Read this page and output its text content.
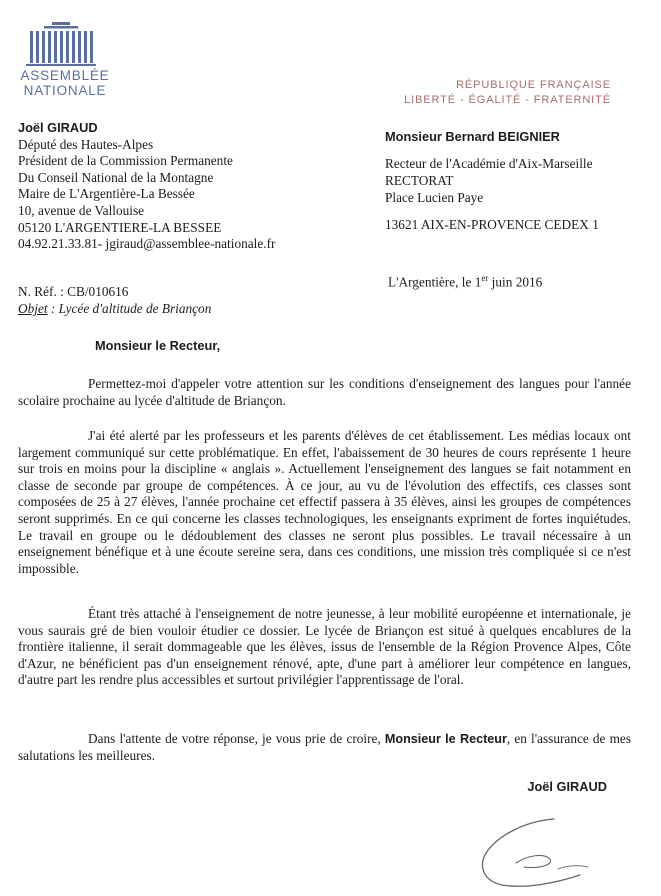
ASSEMBLÉE
NATIONALE	RÉPUBLIQUE FRANÇAISE
LIBERTÉ - ÉGALITÉ - FRATERNITÉ
Joël GIRAUD
Député des Hautes-Alpes
Président de la Commission Permanente
Du Conseil National de la Montagne
Maire de L'Argentière-La Bessée
10, avenue de Vallouise
05120 L'ARGENTIERE-LA BESSEE
04.92.21.33.81- jgiraud@assemblee-nationale.fr
Monsieur Bernard BEIGNIER
Recteur de l'Académie d'Aix-Marseille
RECTORAT
Place Lucien Paye
13621 AIX-EN-PROVENCE CEDEX 1
L'Argentière, le 1er juin 2016
N. Réf. : CB/010616
Objet : Lycée d'altitude de Briançon
Monsieur le Recteur,
Permettez-moi d'appeler votre attention sur les conditions d'enseignement des langues pour l'année scolaire prochaine au lycée d'altitude de Briançon.
J'ai été alerté par les professeurs et les parents d'élèves de cet établissement. Les médias locaux ont largement communiqué sur cette problématique. En effet, l'abaissement de 30 heures de cours représente 1 heure sur trois en moins pour la discipline « anglais ». Actuellement l'enseignement des langues se fait notamment en classe de seconde par groupe de compétences. À ce jour, au vu de l'évolution des effectifs, ces classes sont composées de 25 à 27 élèves, l'année prochaine cet effectif passera à 35 élèves, ainsi les groupes de compétences seront supprimés. En ce qui concerne les classes technologiques, les enseignants expriment de fortes inquiétudes. Le travail en groupe ou le dédoublement des classes ne seront plus possibles. Le travail nécessaire à un enseignement bénéfique et à une écoute sereine sera, dans ces conditions, une mission très compliquée si ce n'est impossible.
Étant très attaché à l'enseignement de notre jeunesse, à leur mobilité européenne et internationale, je vous saurais gré de bien vouloir étudier ce dossier. Le lycée de Briançon est situé à quelques encablures de la frontière italienne, il serait dommageable que les élèves, issus de l'ensemble de la Région Provence Alpes, Côte d'Azur, ne bénéficient pas d'un enseignement rénové, apte, d'une part à améliorer leur compétence en langues, d'autre part les rendre plus accessibles et surtout privilégier l'apprentissage de l'oral.
Dans l'attente de votre réponse, je vous prie de croire, Monsieur le Recteur, en l'assurance de mes salutations les meilleures.
Joël GIRAUD
